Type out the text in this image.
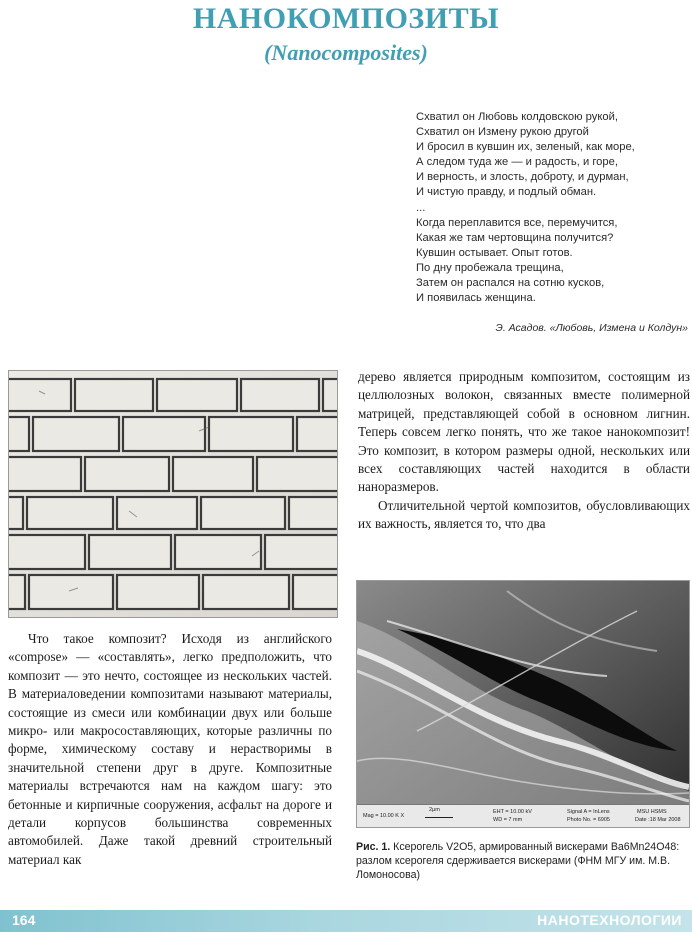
НАНОКОМПОЗИТЫ
(Nanocomposites)
Схватил он Любовь колдовскою рукой,
Схватил он Измену рукою другой
И бросил в кувшин их, зеленый, как море,
А следом туда же — и радость, и горе,
И верность, и злость, доброту, и дурман,
И чистую правду, и подлый обман.
...
Когда переплавится все, перемучится,
Какая же там чертовщина получится?
Кувшин остывает. Опыт готов.
По дну пробежала трещина,
Затем он распался на сотню кусков,
И появилась женщина.
Э. Асадов. «Любовь, Измена и Колдун»

дерево является природным композитом, состоящим из целлюлозных волокон, связанных вместе полимерной матрицей, представляющей собой в основном лигнин. Теперь совсем легко понять, что же такое нанокомпозит! Это композит, в котором размеры одной, нескольких или всех составляющих частей находится в области наноразмеров.

Отличительной чертой композитов, обусловливающих их важность, является то, что два

Что такое композит? Исходя из английского «compose» — «составлять», легко предположить, что композит — это нечто, состоящее из нескольких частей. В материаловедении композитами называют материалы, состоящие из смеси или комбинации двух или больше микро- или макросоставляющих, которые различны по форме, химическому составу и нерастворимы в значительной степени друг в друге. Композитные материалы встречаются нам на каждом шагу: это бетонные и кирпичные сооружения, асфальт на дороге и детали корпусов большинства современных автомобилей. Даже такой древний строительный материал как

Mag = 10.00 K X
2µm	EHT = 10.00 kV
WD = 7 mm
Signal A = InLens
Photo No. = 6905
MSU HSMS
Date :18 Mar 2008
Рис. 1. Ксерогель V2O5, армированный вискерами Ba6Mn24O48: разлом ксерогеля сдерживается вискерами (ФНМ МГУ им. М.В. Ломоносова)
164	НАНОТЕХНОЛОГИИ
